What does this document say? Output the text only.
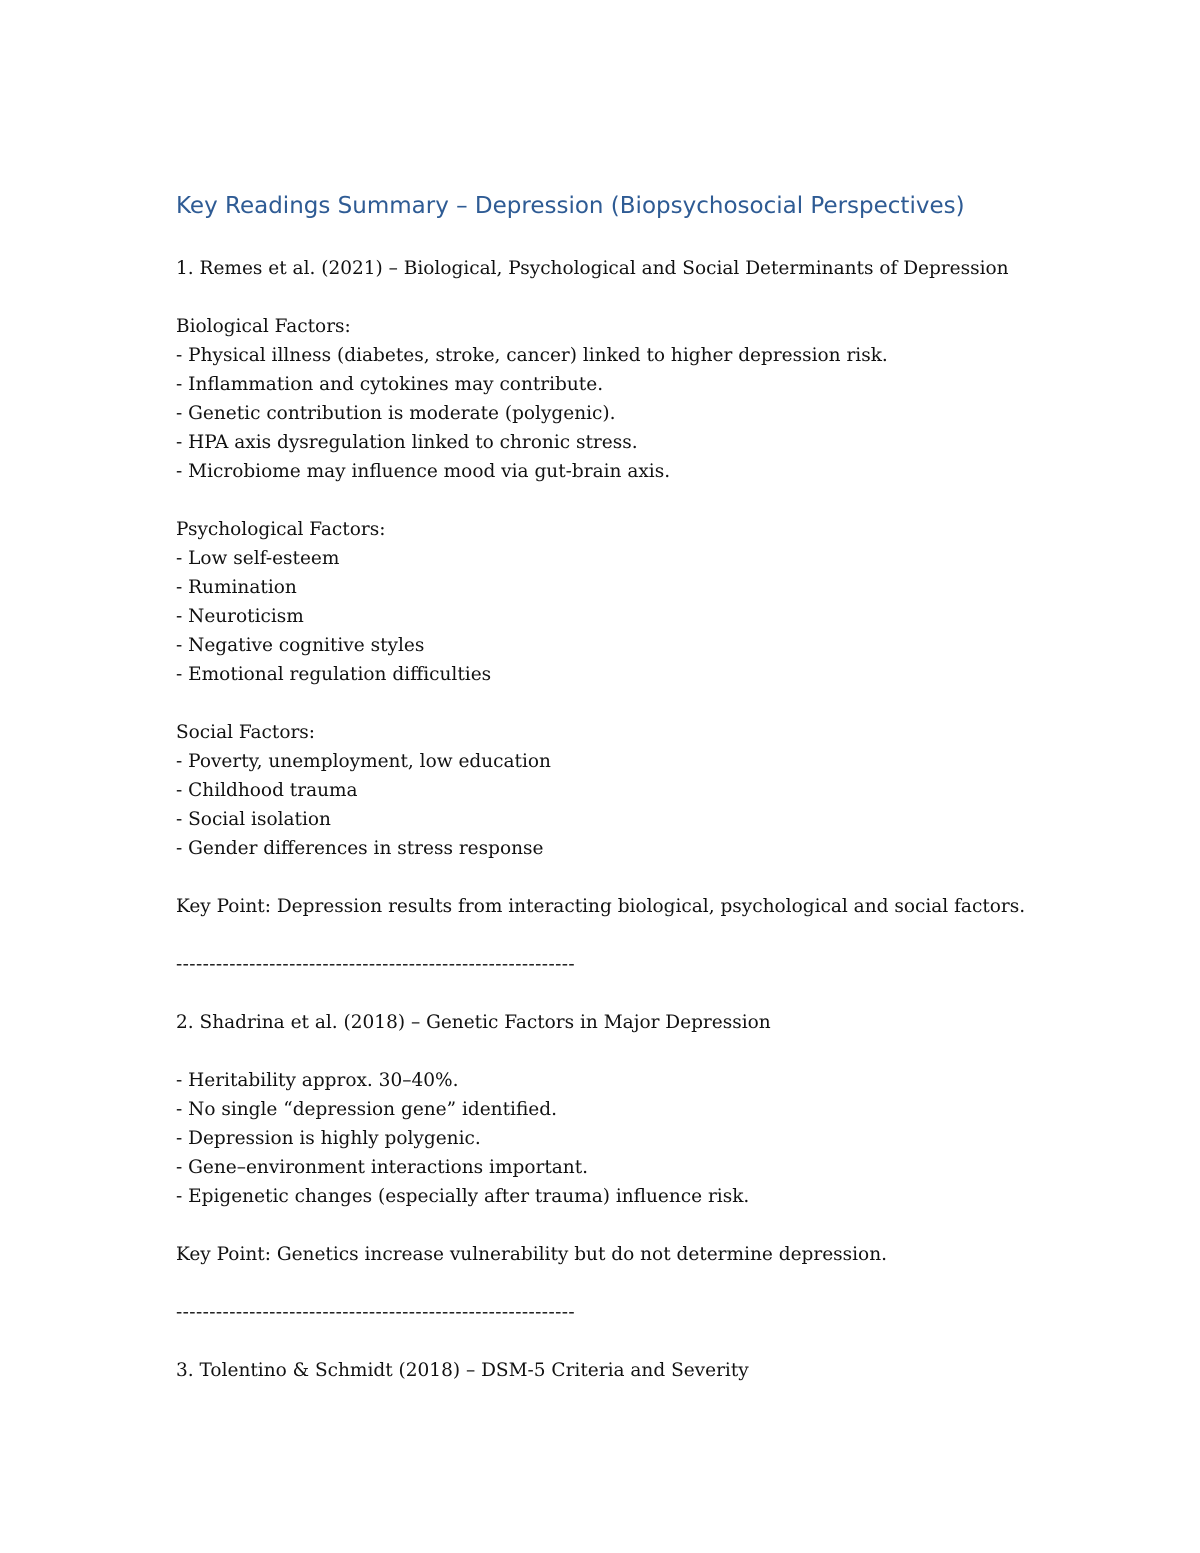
Key Readings Summary – Depression (Biopsychosocial Perspectives)
1. Remes et al. (2021) – Biological, Psychological and Social Determinants of Depression
Biological Factors:
- Physical illness (diabetes, stroke, cancer) linked to higher depression risk.
- Inflammation and cytokines may contribute.
- Genetic contribution is moderate (polygenic).
- HPA axis dysregulation linked to chronic stress.
- Microbiome may influence mood via gut-brain axis.
Psychological Factors:
- Low self-esteem
- Rumination
- Neuroticism
- Negative cognitive styles
- Emotional regulation difficulties
Social Factors:
- Poverty, unemployment, low education
- Childhood trauma
- Social isolation
- Gender differences in stress response
Key Point: Depression results from interacting biological, psychological and social factors.
------------------------------------------------------------
2. Shadrina et al. (2018) – Genetic Factors in Major Depression
- Heritability approx. 30–40%.
- No single “depression gene” identified.
- Depression is highly polygenic.
- Gene–environment interactions important.
- Epigenetic changes (especially after trauma) influence risk.
Key Point: Genetics increase vulnerability but do not determine depression.
------------------------------------------------------------
3. Tolentino & Schmidt (2018) – DSM-5 Criteria and Severity
